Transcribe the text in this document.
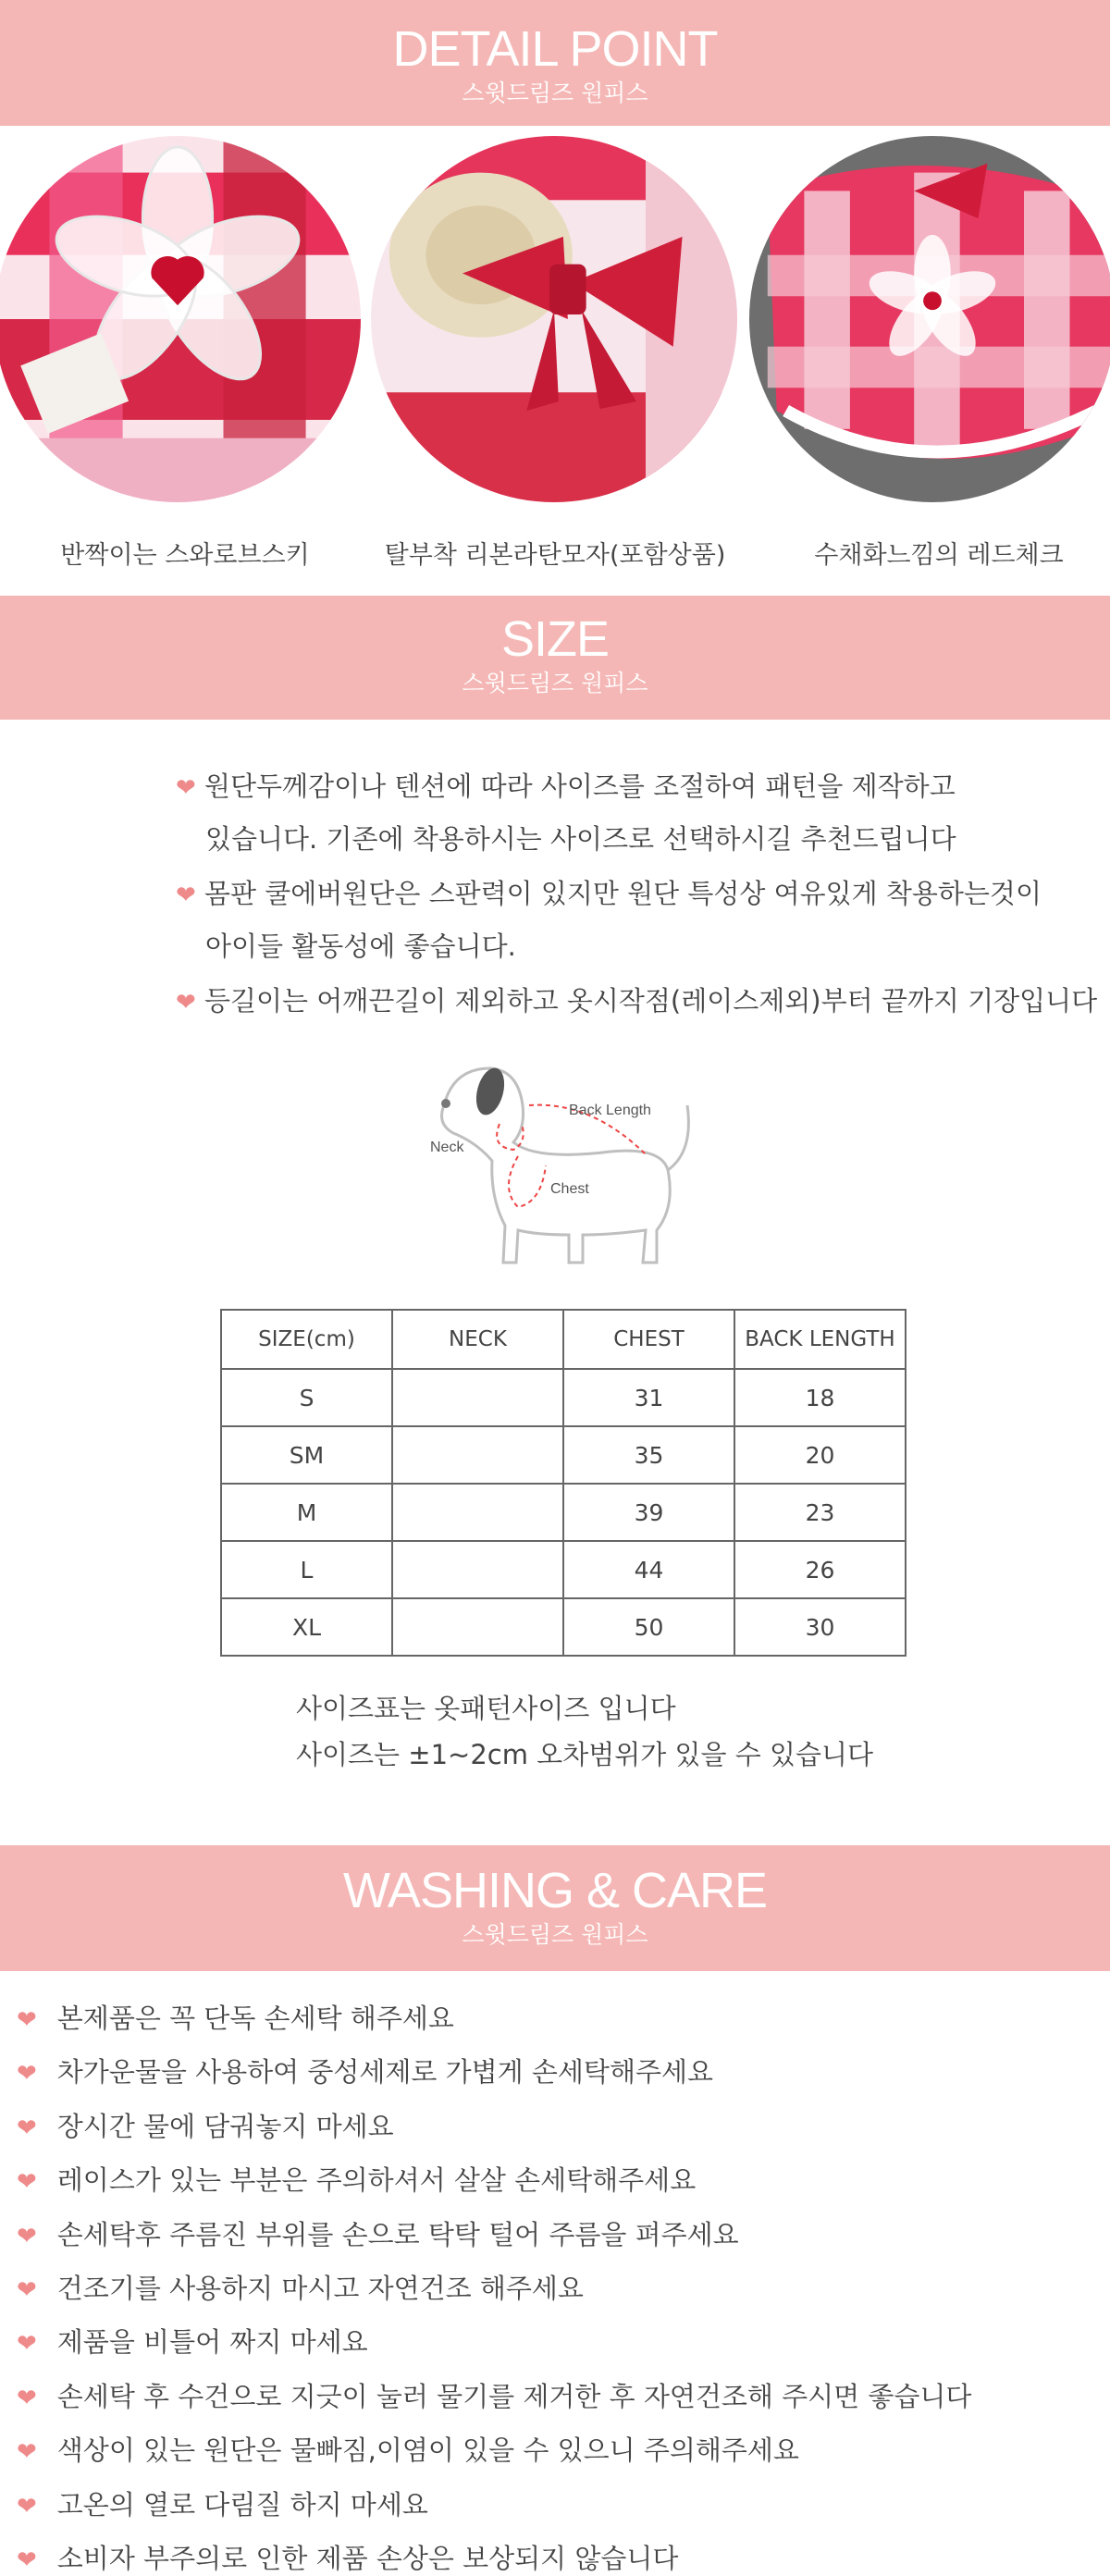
DETAIL POINT
스윗드림즈 원피스
반짝이는 스와로브스키	탈부착 리본라탄모자(포함상품)	수채화느낌의 레드체크
SIZE
스윗드림즈 원피스
❤ 원단두께감이나 텐션에 따라 사이즈를 조절하여 패턴을 제작하고
있습니다. 기존에 착용하시는 사이즈로 선택하시길 추천드립니다
❤ 몸판 쿨에버원단은 스판력이 있지만 원단 특성상 여유있게 착용하는것이
아이들 활동성에 좋습니다.
❤ 등길이는 어깨끈길이 제외하고 옷시작점(레이스제외)부터 끝까지 기장입니다
Neck
Back Length
Chest
SIZE(cm)	NECK	CHEST	BACK LENGTH
S		31	18
SM		35	20
M		39	23
L		44	26
XL		50	30
사이즈표는 옷패턴사이즈 입니다
사이즈는 ±1~2cm 오차범위가 있을 수 있습니다
WASHING & CARE
스윗드림즈 원피스
❤ 본제품은 꼭 단독 손세탁 해주세요
❤ 차가운물을 사용하여 중성세제로 가볍게 손세탁해주세요
❤ 장시간 물에 담궈놓지 마세요
❤ 레이스가 있는 부분은 주의하셔서 살살 손세탁해주세요
❤ 손세탁후 주름진 부위를 손으로 탁탁 털어 주름을 펴주세요
❤ 건조기를 사용하지 마시고 자연건조 해주세요
❤ 제품을 비틀어 짜지 마세요
❤ 손세탁 후 수건으로 지긋이 눌러 물기를 제거한 후 자연건조해 주시면 좋습니다
❤ 색상이 있는 원단은 물빠짐,이염이 있을 수 있으니 주의해주세요
❤ 고온의 열로 다림질 하지 마세요
❤ 소비자 부주의로 인한 제품 손상은 보상되지 않습니다
